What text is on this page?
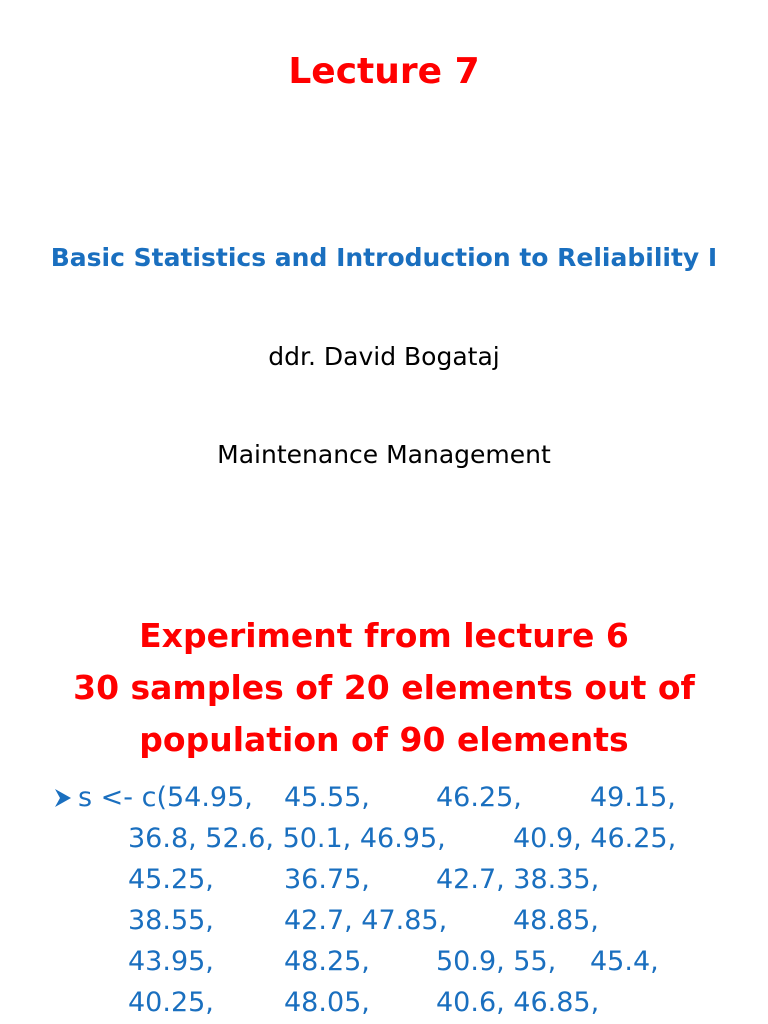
Lecture 7
Basic Statistics and Introduction to Reliability I
ddr. David Bogataj
Maintenance Management
Experiment from lecture 6
30 samples of 20 elements out of
population of 90 elements
s <- c(54.95, 45.55, 46.25,	49.15,
36.8, 52.6, 50.1, 46.95, 40.9, 46.25,
45.25,	36.75, 42.7, 38.35,
38.55,	42.7, 47.85, 48.85,
43.95,	48.25, 50.9, 55, 45.4,
40.25,	48.05, 40.6, 46.85,
